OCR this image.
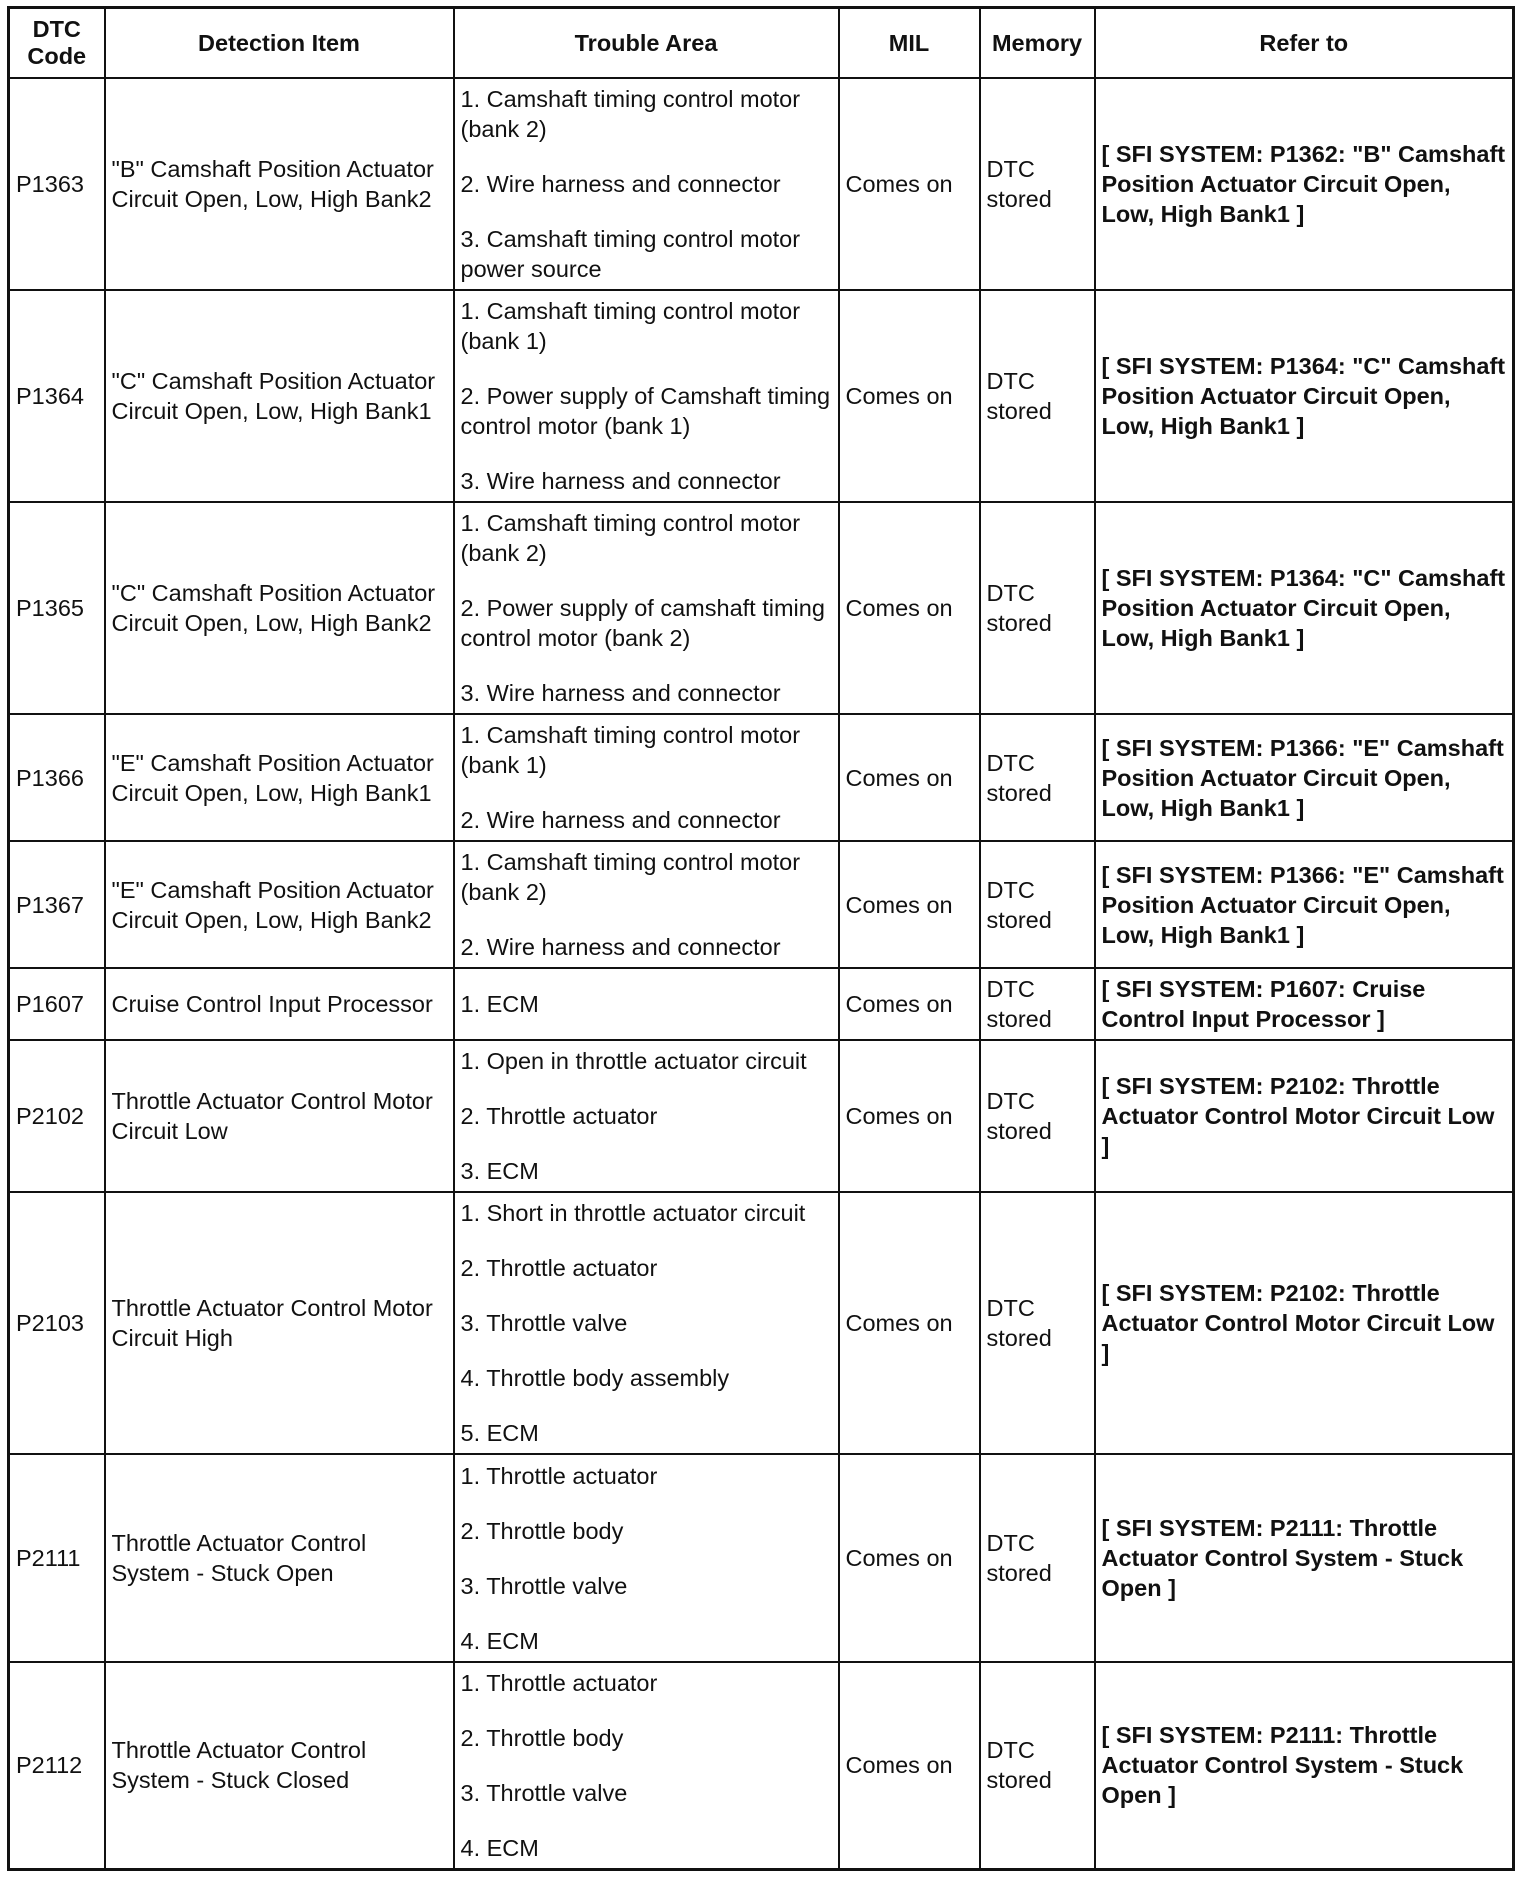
DTC Code	Detection Item	Trouble Area	MIL	Memory	Refer to
P1363	"B" Camshaft Position Actuator Circuit Open, Low, High Bank2	1. Camshaft timing control motor (bank 2)
2. Wire harness and connector
3. Camshaft timing control motor power source	Comes on	DTC stored	[ SFI SYSTEM: P1362: "B" Camshaft Position Actuator Circuit Open, Low, High Bank1 ]
P1364	"C" Camshaft Position Actuator Circuit Open, Low, High Bank1	1. Camshaft timing control motor (bank 1)
2. Power supply of Camshaft timing control motor (bank 1)
3. Wire harness and connector	Comes on	DTC stored	[ SFI SYSTEM: P1364: "C" Camshaft Position Actuator Circuit Open, Low, High Bank1 ]
P1365	"C" Camshaft Position Actuator Circuit Open, Low, High Bank2	1. Camshaft timing control motor (bank 2)
2. Power supply of camshaft timing control motor (bank 2)
3. Wire harness and connector	Comes on	DTC stored	[ SFI SYSTEM: P1364: "C" Camshaft Position Actuator Circuit Open, Low, High Bank1 ]
P1366	"E" Camshaft Position Actuator Circuit Open, Low, High Bank1	1. Camshaft timing control motor (bank 1)
2. Wire harness and connector	Comes on	DTC stored	[ SFI SYSTEM: P1366: "E" Camshaft Position Actuator Circuit Open, Low, High Bank1 ]
P1367	"E" Camshaft Position Actuator Circuit Open, Low, High Bank2	1. Camshaft timing control motor (bank 2)
2. Wire harness and connector	Comes on	DTC stored	[ SFI SYSTEM: P1366: "E" Camshaft Position Actuator Circuit Open, Low, High Bank1 ]
P1607	Cruise Control Input Processor	1. ECM	Comes on	DTC stored	[ SFI SYSTEM: P1607: Cruise Control Input Processor ]
P2102	Throttle Actuator Control Motor Circuit Low	1. Open in throttle actuator circuit
2. Throttle actuator
3. ECM	Comes on	DTC stored	[ SFI SYSTEM: P2102: Throttle Actuator Control Motor Circuit Low ]
P2103	Throttle Actuator Control Motor Circuit High	1. Short in throttle actuator circuit
2. Throttle actuator
3. Throttle valve
4. Throttle body assembly
5. ECM	Comes on	DTC stored	[ SFI SYSTEM: P2102: Throttle Actuator Control Motor Circuit Low ]
P2111	Throttle Actuator Control System - Stuck Open	1. Throttle actuator
2. Throttle body
3. Throttle valve
4. ECM	Comes on	DTC stored	[ SFI SYSTEM: P2111: Throttle Actuator Control System - Stuck Open ]
P2112	Throttle Actuator Control System - Stuck Closed	1. Throttle actuator
2. Throttle body
3. Throttle valve
4. ECM	Comes on	DTC stored	[ SFI SYSTEM: P2111: Throttle Actuator Control System - Stuck Open ]
